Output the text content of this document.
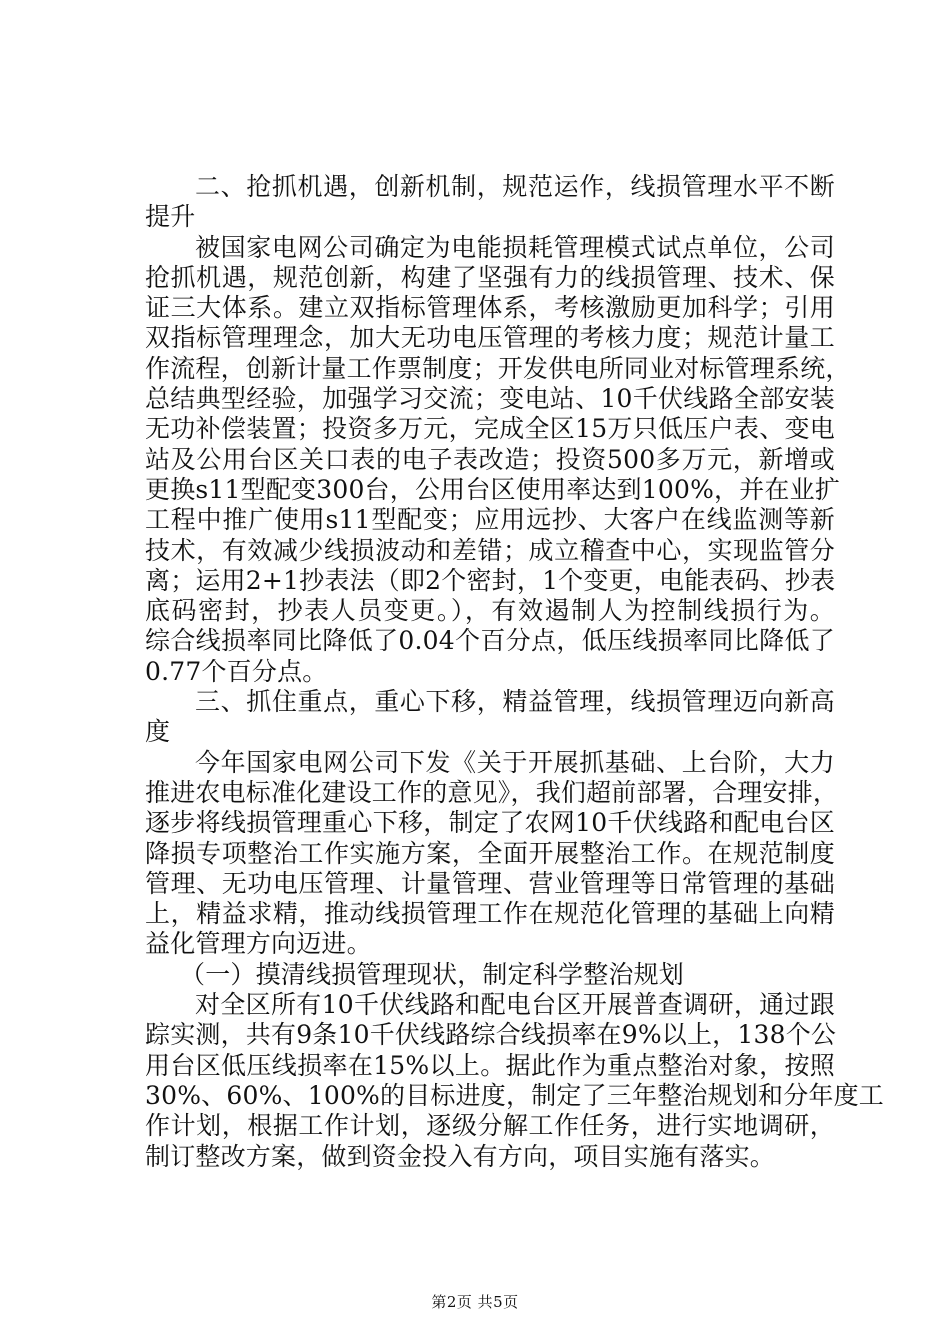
二、抢抓机遇，创新机制，规范运作，线损管理水平不断
提升
被国家电网公司确定为电能损耗管理模式试点单位，公司
抢抓机遇，规范创新，构建了坚强有力的线损管理、技术、保
证三大体系。建立双指标管理体系，考核激励更加科学；引用
双指标管理理念，加大无功电压管理的考核力度；规范计量工
作流程，创新计量工作票制度；开发供电所同业对标管理系统，
总结典型经验，加强学习交流；变电站、10千伏线路全部安装
无功补偿装置；投资多万元，完成全区15万只低压户表、变电
站及公用台区关口表的电子表改造；投资500多万元，新增或
更换s11型配变300台，公用台区使用率达到100%，并在业扩
工程中推广使用s11型配变；应用远抄、大客户在线监测等新
技术，有效减少线损波动和差错；成立稽查中心，实现监管分
离；运用2+1抄表法（即2个密封，1个变更，电能表码、抄表
底码密封，抄表人员变更。），有效遏制人为控制线损行为。
综合线损率同比降低了0.04个百分点，低压线损率同比降低了
0.77个百分点。
三、抓住重点，重心下移，精益管理，线损管理迈向新高
度
今年国家电网公司下发《关于开展抓基础、上台阶，大力
推进农电标准化建设工作的意见》，我们超前部署，合理安排，
逐步将线损管理重心下移，制定了农网10千伏线路和配电台区
降损专项整治工作实施方案，全面开展整治工作。在规范制度
管理、无功电压管理、计量管理、营业管理等日常管理的基础
上，精益求精，推动线损管理工作在规范化管理的基础上向精
益化管理方向迈进。
（一）摸清线损管理现状，制定科学整治规划
对全区所有10千伏线路和配电台区开展普查调研，通过跟
踪实测，共有9条10千伏线路综合线损率在9%以上，138个公
用台区低压线损率在15%以上。据此作为重点整治对象，按照
30%、60%、100%的目标进度，制定了三年整治规划和分年度工
作计划，根据工作计划，逐级分解工作任务，进行实地调研，
制订整改方案，做到资金投入有方向，项目实施有落实。
第2页 共5页
